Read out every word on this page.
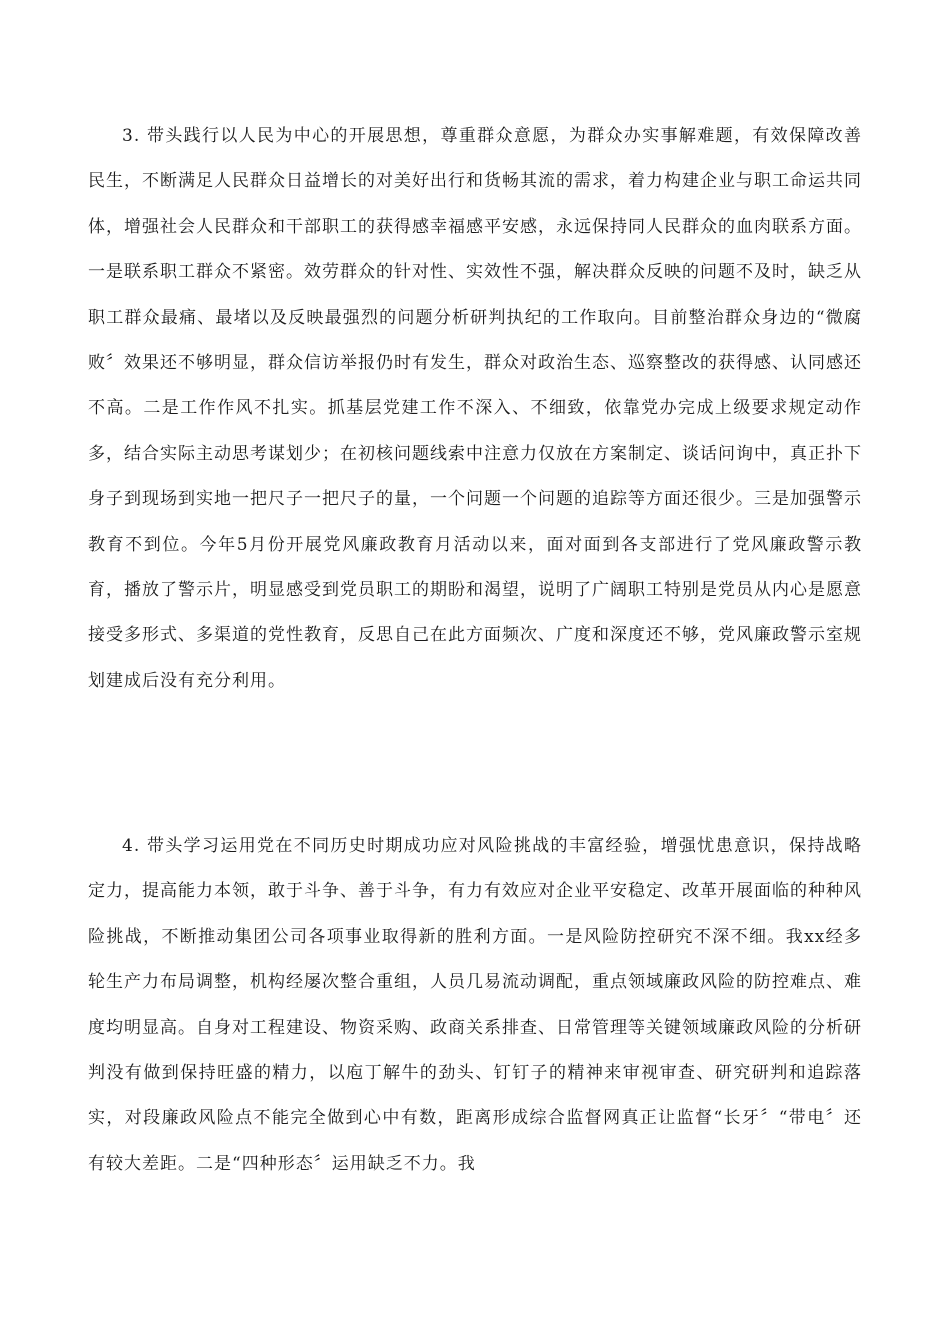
3. 带头践行以人民为中心的开展思想，尊重群众意愿，为群众办实事解难题，有效保障改善民生，不断满足人民群众日益增长的对美好出行和货畅其流的需求，着力构建企业与职工命运共同体，增强社会人民群众和干部职工的获得感幸福感平安感，永远保持同人民群众的血肉联系方面。一是联系职工群众不紧密。效劳群众的针对性、实效性不强，解决群众反映的问题不及时，缺乏从职工群众最痛、最堵以及反映最强烈的问题分析研判执纪的工作取向。目前整治群众身边的“微腐败〞效果还不够明显，群众信访举报仍时有发生，群众对政治生态、巡察整改的获得感、认同感还不高。二是工作作风不扎实。抓基层党建工作不深入、不细致，依靠党办完成上级要求规定动作多，结合实际主动思考谋划少；在初核问题线索中注意力仅放在方案制定、谈话问询中，真正扑下身子到现场到实地一把尺子一把尺子的量，一个问题一个问题的追踪等方面还很少。三是加强警示教育不到位。今年5月份开展党风廉政教育月活动以来，面对面到各支部进行了党风廉政警示教育，播放了警示片，明显感受到党员职工的期盼和渴望，说明了广阔职工特别是党员从内心是愿意接受多形式、多渠道的党性教育，反思自己在此方面频次、广度和深度还不够，党风廉政警示室规划建成后没有充分利用。

4. 带头学习运用党在不同历史时期成功应对风险挑战的丰富经验，增强忧患意识，保持战略定力，提高能力本领，敢于斗争、善于斗争，有力有效应对企业平安稳定、改革开展面临的种种风险挑战，不断推动集团公司各项事业取得新的胜利方面。一是风险防控研究不深不细。我xx经多轮生产力布局调整，机构经屡次整合重组，人员几易流动调配，重点领域廉政风险的防控难点、难度均明显高。自身对工程建设、物资采购、政商关系排查、日常管理等关键领域廉政风险的分析研判没有做到保持旺盛的精力，以庖丁解牛的劲头、钉钉子的精神来审视审查、研究研判和追踪落实，对段廉政风险点不能完全做到心中有数，距离形成综合监督网真正让监督“长牙〞“带电〞还有较大差距。二是“四种形态〞运用缺乏不力。我
